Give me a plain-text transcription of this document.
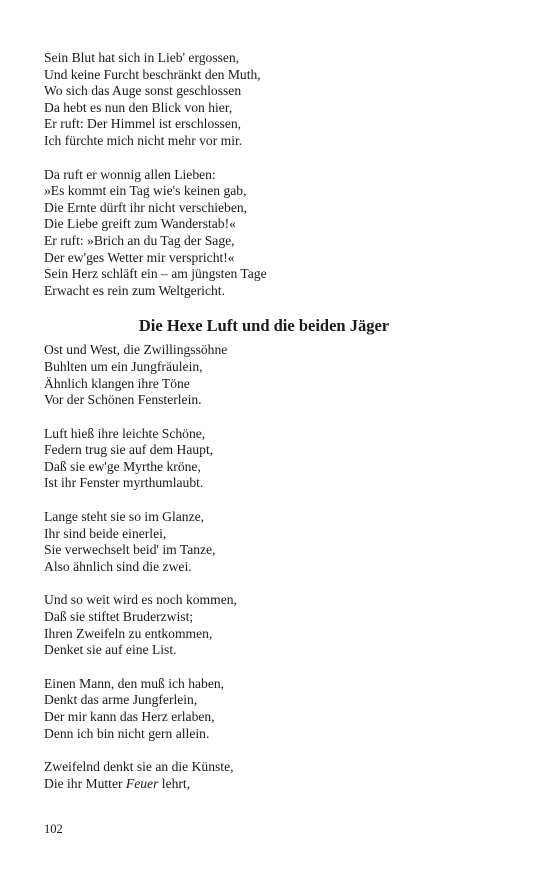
Sein Blut hat sich in Lieb' ergossen,
Und keine Furcht beschränkt den Muth,
Wo sich das Auge sonst geschlossen
Da hebt es nun den Blick von hier,
Er ruft: Der Himmel ist erschlossen,
Ich fürchte mich nicht mehr vor mir.
Da ruft er wonnig allen Lieben:
»Es kommt ein Tag wie's keinen gab,
Die Ernte dürft ihr nicht verschieben,
Die Liebe greift zum Wanderstab!«
Er ruft: »Brich an du Tag der Sage,
Der ew'ges Wetter mir verspricht!«
Sein Herz schläft ein – am jüngsten Tage
Erwacht es rein zum Weltgericht.
Die Hexe Luft und die beiden Jäger
Ost und West, die Zwillingssöhne
Buhlten um ein Jungfräulein,
Ähnlich klangen ihre Töne
Vor der Schönen Fensterlein.
Luft hieß ihre leichte Schöne,
Federn trug sie auf dem Haupt,
Daß sie ew'ge Myrthe kröne,
Ist ihr Fenster myrthumlaubt.
Lange steht sie so im Glanze,
Ihr sind beide einerlei,
Sie verwechselt beid' im Tanze,
Also ähnlich sind die zwei.
Und so weit wird es noch kommen,
Daß sie stiftet Bruderzwist;
Ihren Zweifeln zu entkommen,
Denket sie auf eine List.
Einen Mann, den muß ich haben,
Denkt das arme Jungferlein,
Der mir kann das Herz erlaben,
Denn ich bin nicht gern allein.
Zweifelnd denkt sie an die Künste,
Die ihr Mutter Feuer lehrt,
102
